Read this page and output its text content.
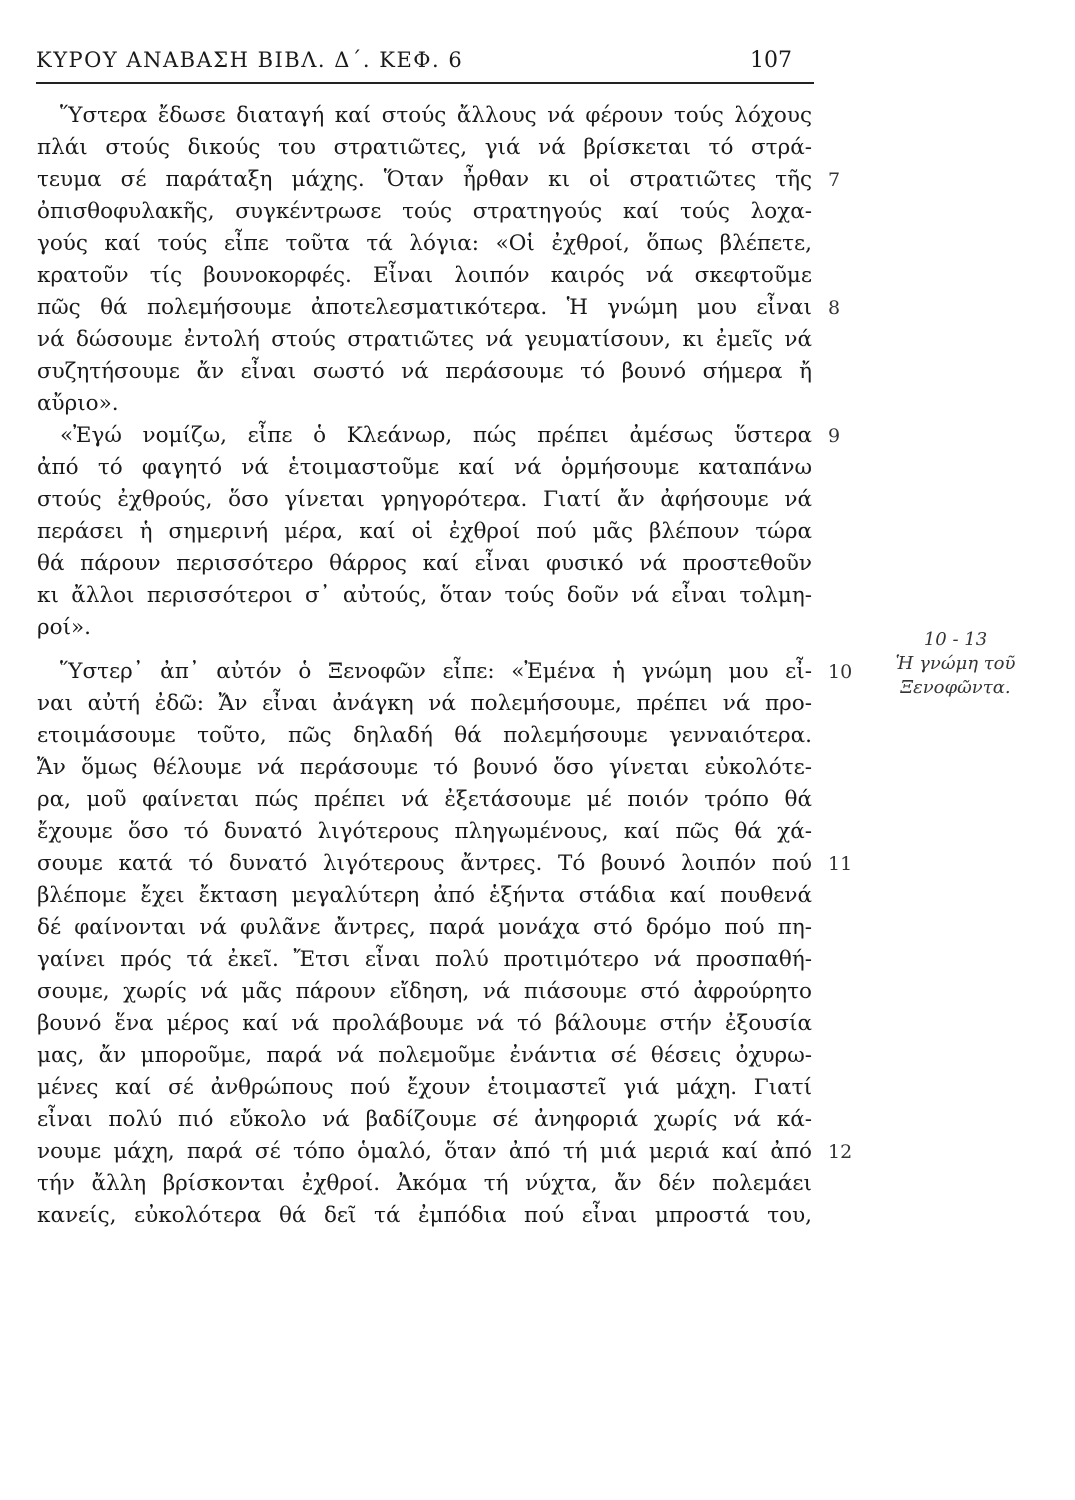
ΚΥΡΟΥ ΑΝΑΒΑΣΗ ΒΙΒΛ. Δ΄. ΚΕΦ. 6	107
Ὕστερα ἔδωσε διαταγή καί στούς ἄλλους νά φέρουν τούς λόχους
πλάι στούς δικούς του στρατιῶτες, γιά νά βρίσκεται τό στρά-
τευμα σέ παράταξη μάχης. Ὅταν ἦρθαν κι οἱ στρατιῶτες τῆς
ὀπισθοφυλακῆς, συγκέντρωσε τούς στρατηγούς καί τούς λοχα-
γούς καί τούς εἶπε τοῦτα τά λόγια: «Οἱ ἐχθροί, ὅπως βλέπετε,
κρατοῦν τίς βουνοκορφές. Εἶναι λοιπόν καιρός νά σκεφτοῦμε
πῶς θά πολεμήσουμε ἀποτελεσματικότερα. Ἡ γνώμη μου εἶναι
νά δώσουμε ἐντολή στούς στρατιῶτες νά γευματίσουν, κι ἐμεῖς νά
συζητήσουμε ἄν εἶναι σωστό νά περάσουμε τό βουνό σήμερα ἤ
αὔριο».
«Ἐγώ νομίζω, εἶπε ὁ Κλεάνωρ, πώς πρέπει ἀμέσως ὕστερα
ἀπό τό φαγητό νά ἑτοιμαστοῦμε καί νά ὁρμήσουμε καταπάνω
στούς ἐχθρούς, ὅσο γίνεται γρηγορότερα. Γιατί ἄν ἀφήσουμε νά
περάσει ἡ σημερινή μέρα, καί οἱ ἐχθροί πού μᾶς βλέπουν τώρα
θά πάρουν περισσότερο θάρρος καί εἶναι φυσικό νά προστεθοῦν
κι ἄλλοι περισσότεροι σ᾽ αὐτούς, ὅταν τούς δοῦν νά εἶναι τολμη-
ροί».
Ὕστερ᾽ ἀπ᾽ αὐτόν ὁ Ξενοφῶν εἶπε: «Ἐμένα ἡ γνώμη μου εἶ-
ναι αὐτή ἐδῶ: Ἄν εἶναι ἀνάγκη νά πολεμήσουμε, πρέπει νά προ-
ετοιμάσουμε τοῦτο, πῶς δηλαδή θά πολεμήσουμε γενναιότερα.
Ἄν ὅμως θέλουμε νά περάσουμε τό βουνό ὅσο γίνεται εὐκολότε-
ρα, μοῦ φαίνεται πώς πρέπει νά ἐξετάσουμε μέ ποιόν τρόπο θά
ἔχουμε ὅσο τό δυνατό λιγότερους πληγωμένους, καί πῶς θά χά-
σουμε κατά τό δυνατό λιγότερους ἄντρες. Τό βουνό λοιπόν πού
βλέπομε ἔχει ἔκταση μεγαλύτερη ἀπό ἑξήντα στάδια καί πουθενά
δέ φαίνονται νά φυλᾶνε ἄντρες, παρά μονάχα στό δρόμο πού πη-
γαίνει πρός τά ἐκεῖ. Ἔτσι εἶναι πολύ προτιμότερο νά προσπαθή-
σουμε, χωρίς νά μᾶς πάρουν εἴδηση, νά πιάσουμε στό ἀφρούρητο
βουνό ἕνα μέρος καί νά προλάβουμε νά τό βάλουμε στήν ἐξουσία
μας, ἄν μποροῦμε, παρά νά πολεμοῦμε ἐνάντια σέ θέσεις ὀχυρω-
μένες καί σέ ἀνθρώπους πού ἔχουν ἑτοιμαστεῖ γιά μάχη. Γιατί
εἶναι πολύ πιό εὔκολο νά βαδίζουμε σέ ἀνηφοριά χωρίς νά κά-
νουμε μάχη, παρά σέ τόπο ὁμαλό, ὅταν ἀπό τή μιά μεριά καί ἀπό
τήν ἄλλη βρίσκονται ἐχθροί. Ἀκόμα τή νύχτα, ἄν δέν πολεμάει
κανείς, εὐκολότερα θά δεῖ τά ἐμπόδια πού εἶναι μπροστά του,
7
8
9
10
11
12
10 - 13
Ἡ γνώμη τοῦ
Ξενοφῶντα.
